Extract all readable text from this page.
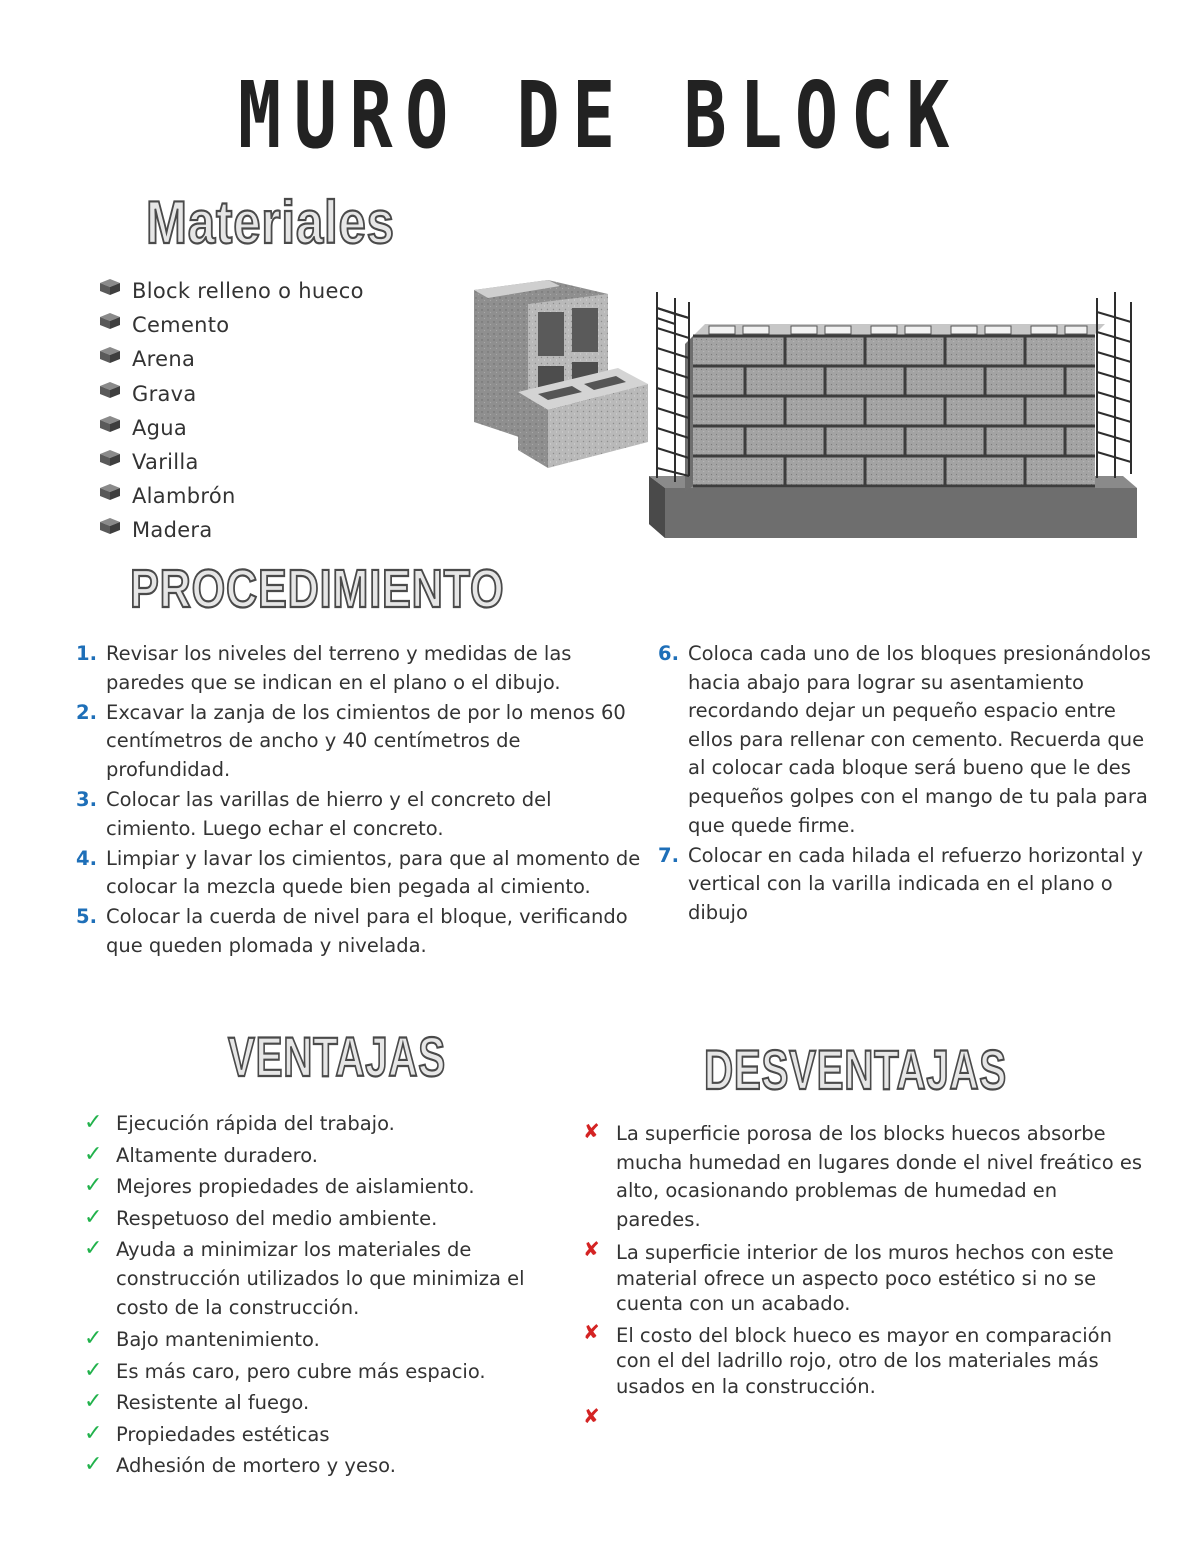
MURO DE BLOCK
Materiales
Block relleno o hueco
Cemento
Arena
Grava
Agua
Varilla
Alambrón
Madera
PROCEDIMIENTO
1. Revisar los niveles del terreno y medidas de las paredes que se indican en el plano o el dibujo.
2. Excavar la zanja de los cimientos de por lo menos 60 centímetros de ancho y 40 centímetros de profundidad.
3. Colocar las varillas de hierro y el concreto del cimiento. Luego echar el concreto.
4. Limpiar y lavar los cimientos, para que al momento de colocar la mezcla quede bien pegada al cimiento.
5. Colocar la cuerda de nivel para el bloque, verificando que queden plomada y nivelada.
6. Coloca cada uno de los bloques presionándolos hacia abajo para lograr su asentamiento recordando dejar un pequeño espacio entre ellos para rellenar con cemento. Recuerda que al colocar cada bloque será bueno que le des pequeños golpes con el mango de tu pala para que quede firme.
7. Colocar en cada hilada el refuerzo horizontal y vertical con la varilla indicada en el plano o dibujo
VENTAJAS
✓ Ejecución rápida del trabajo.
✓ Altamente duradero.
✓ Mejores propiedades de aislamiento.
✓ Respetuoso del medio ambiente.
✓ Ayuda a minimizar los materiales de construcción utilizados lo que minimiza el costo de la construcción.
✓ Bajo mantenimiento.
✓ Es más caro, pero cubre más espacio.
✓ Resistente al fuego.
✓ Propiedades estéticas
✓ Adhesión de mortero y yeso.
DESVENTAJAS
✘ La superficie porosa de los blocks huecos absorbe mucha humedad en lugares donde el nivel freático es alto, ocasionando problemas de humedad en paredes.
✘ La superficie interior de los muros hechos con este material ofrece un aspecto poco estético si no se cuenta con un acabado.
✘ El costo del block hueco es mayor en comparación con el del ladrillo rojo, otro de los materiales más usados en la construcción.
✘
